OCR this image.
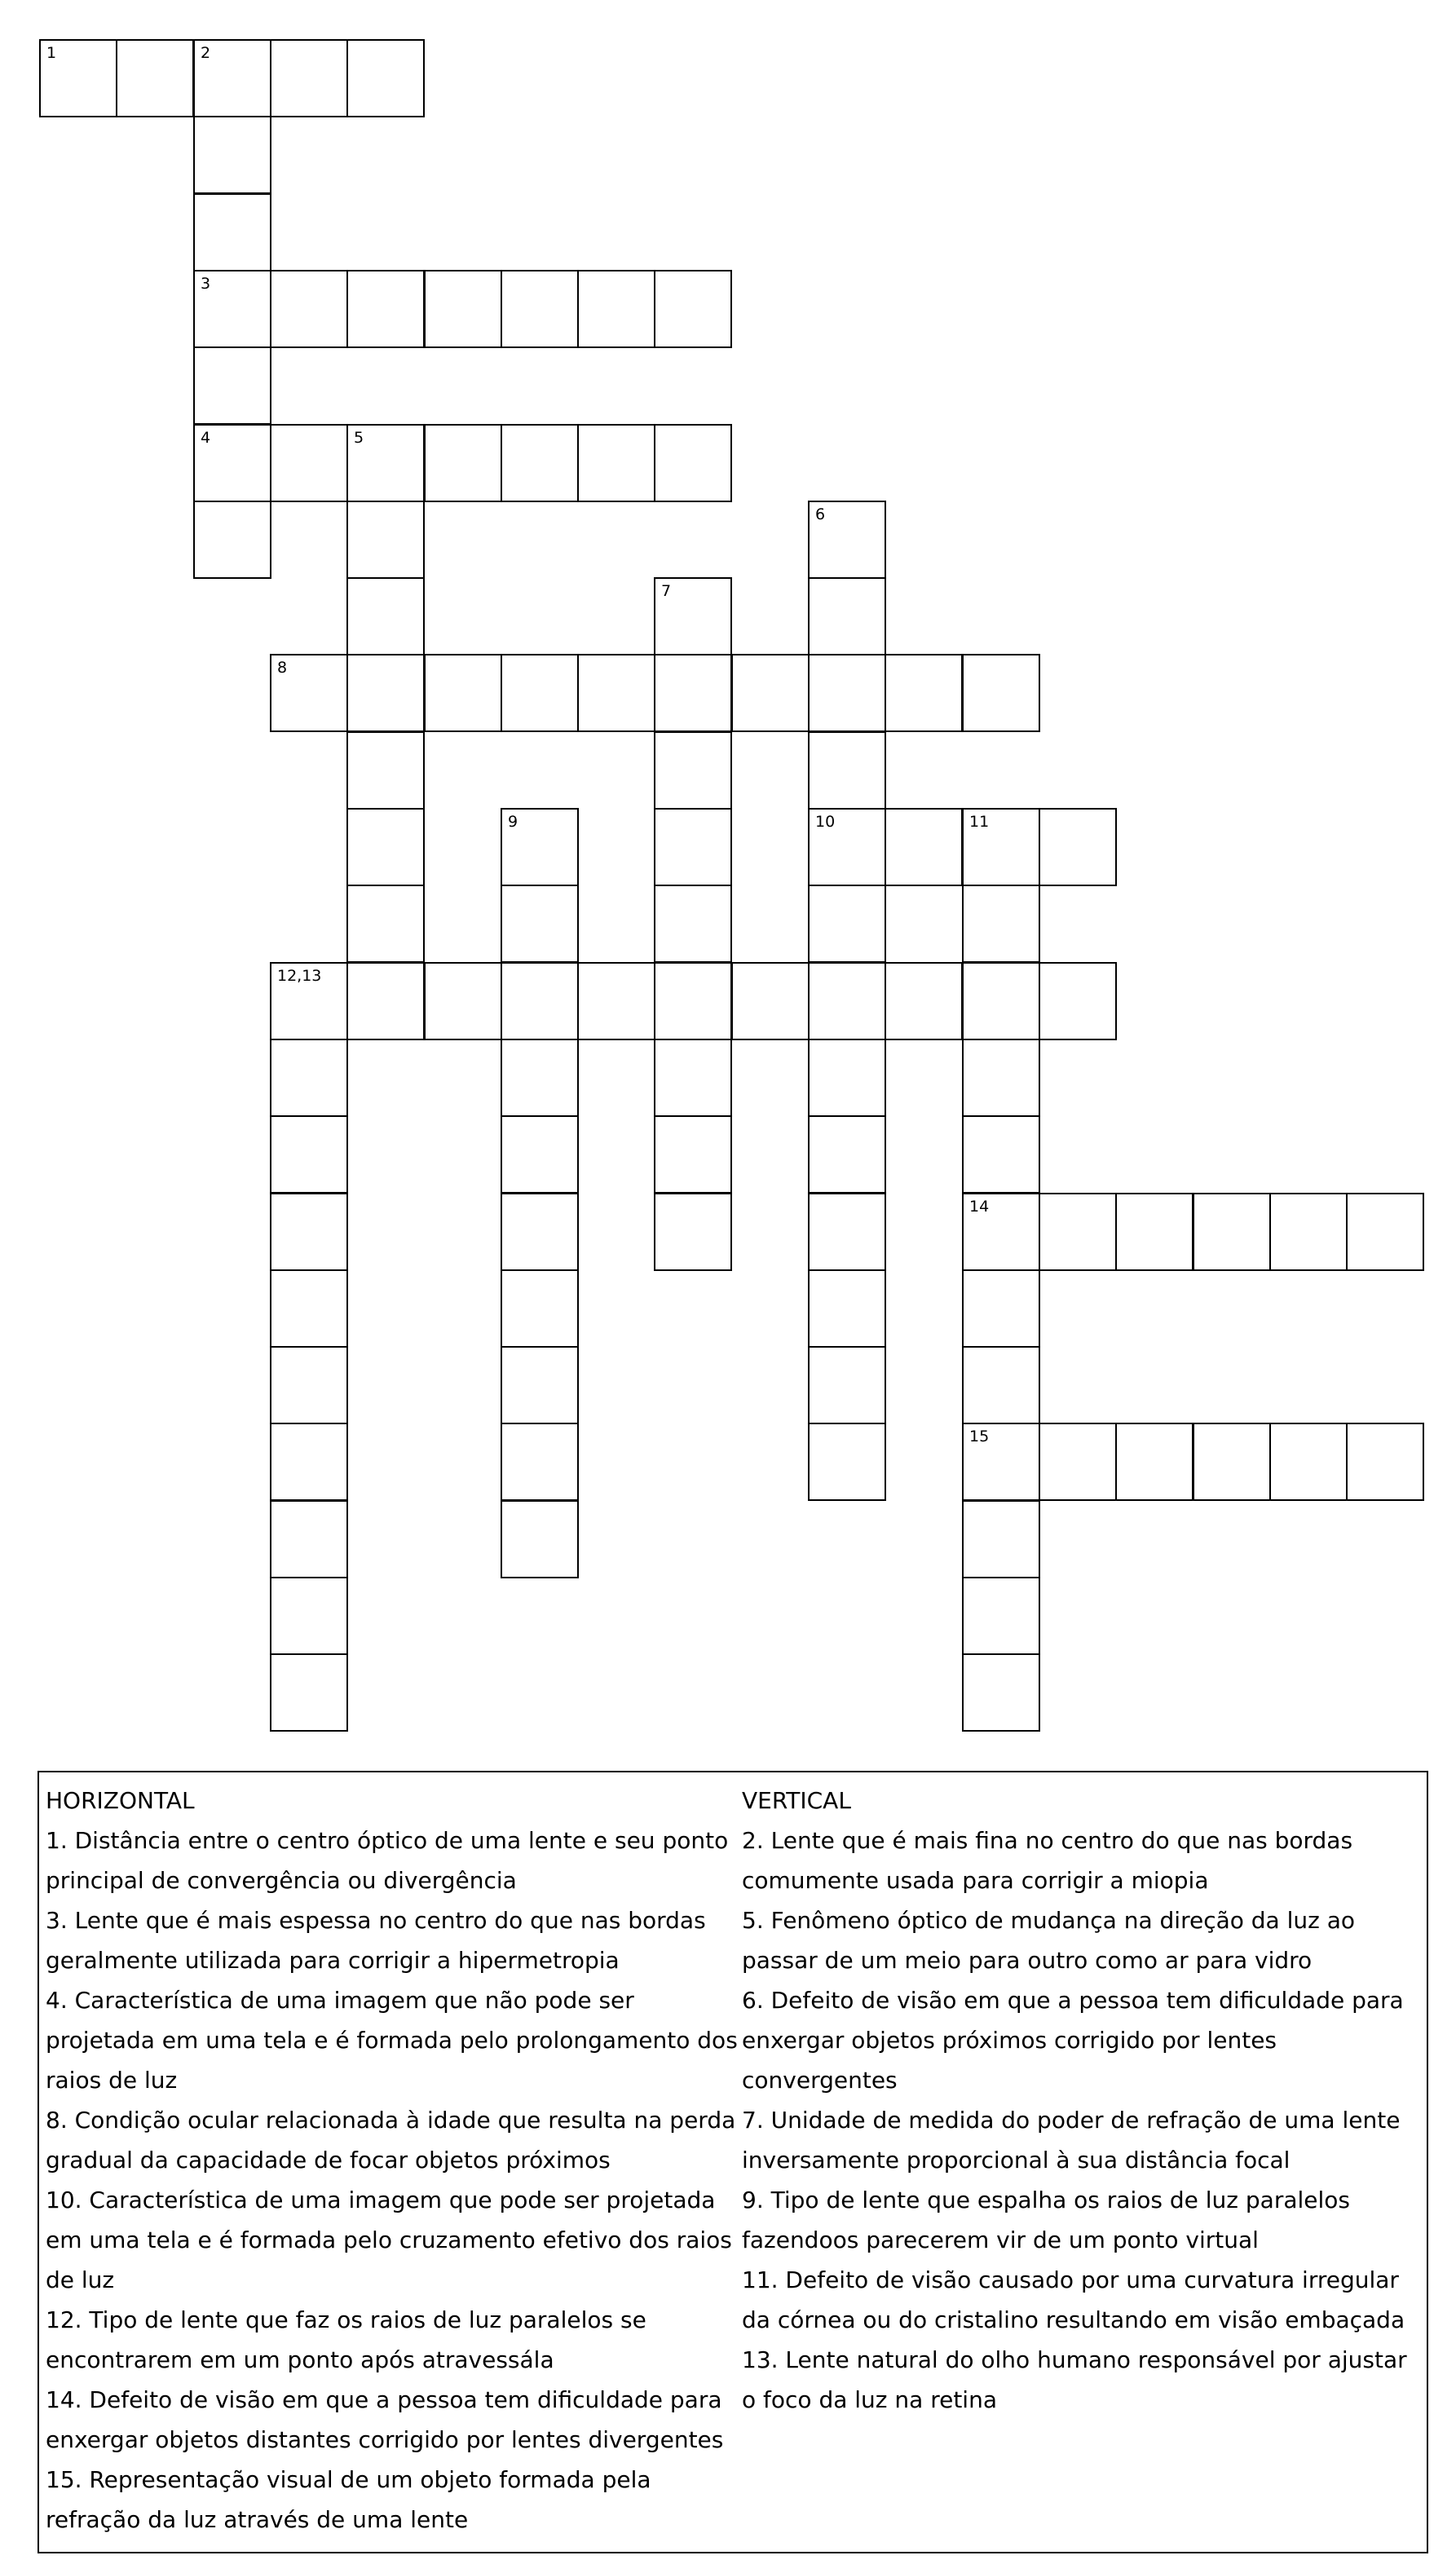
1	2
3
4	5
6
10
7
8
9	11
14
15
12,13
HORIZONTAL
1. Distância entre o centro óptico de uma lente e seu ponto principal de convergência ou divergência
3. Lente que é mais espessa no centro do que nas bordas geralmente utilizada para corrigir a hipermetropia
4. Característica de uma imagem que não pode ser projetada em uma tela e é formada pelo prolongamento dos raios de luz
8. Condição ocular relacionada à idade que resulta na perda gradual da capacidade de focar objetos próximos
10. Característica de uma imagem que pode ser projetada em uma tela e é formada pelo cruzamento efetivo dos raios de luz
12. Tipo de lente que faz os raios de luz paralelos se encontrarem em um ponto após atravessála
14. Defeito de visão em que a pessoa tem dificuldade para enxergar objetos distantes corrigido por lentes divergentes
15. Representação visual de um objeto formada pela refração da luz através de uma lente
VERTICAL
2. Lente que é mais fina no centro do que nas bordas comumente usada para corrigir a miopia
5. Fenômeno óptico de mudança na direção da luz ao passar de um meio para outro como ar para vidro
6. Defeito de visão em que a pessoa tem dificuldade para enxergar objetos próximos corrigido por lentes convergentes
7. Unidade de medida do poder de refração de uma lente inversamente proporcional à sua distância focal
9. Tipo de lente que espalha os raios de luz paralelos fazendoos parecerem vir de um ponto virtual
11. Defeito de visão causado por uma curvatura irregular da córnea ou do cristalino resultando em visão embaçada
13. Lente natural do olho humano responsável por ajustar o foco da luz na retina
